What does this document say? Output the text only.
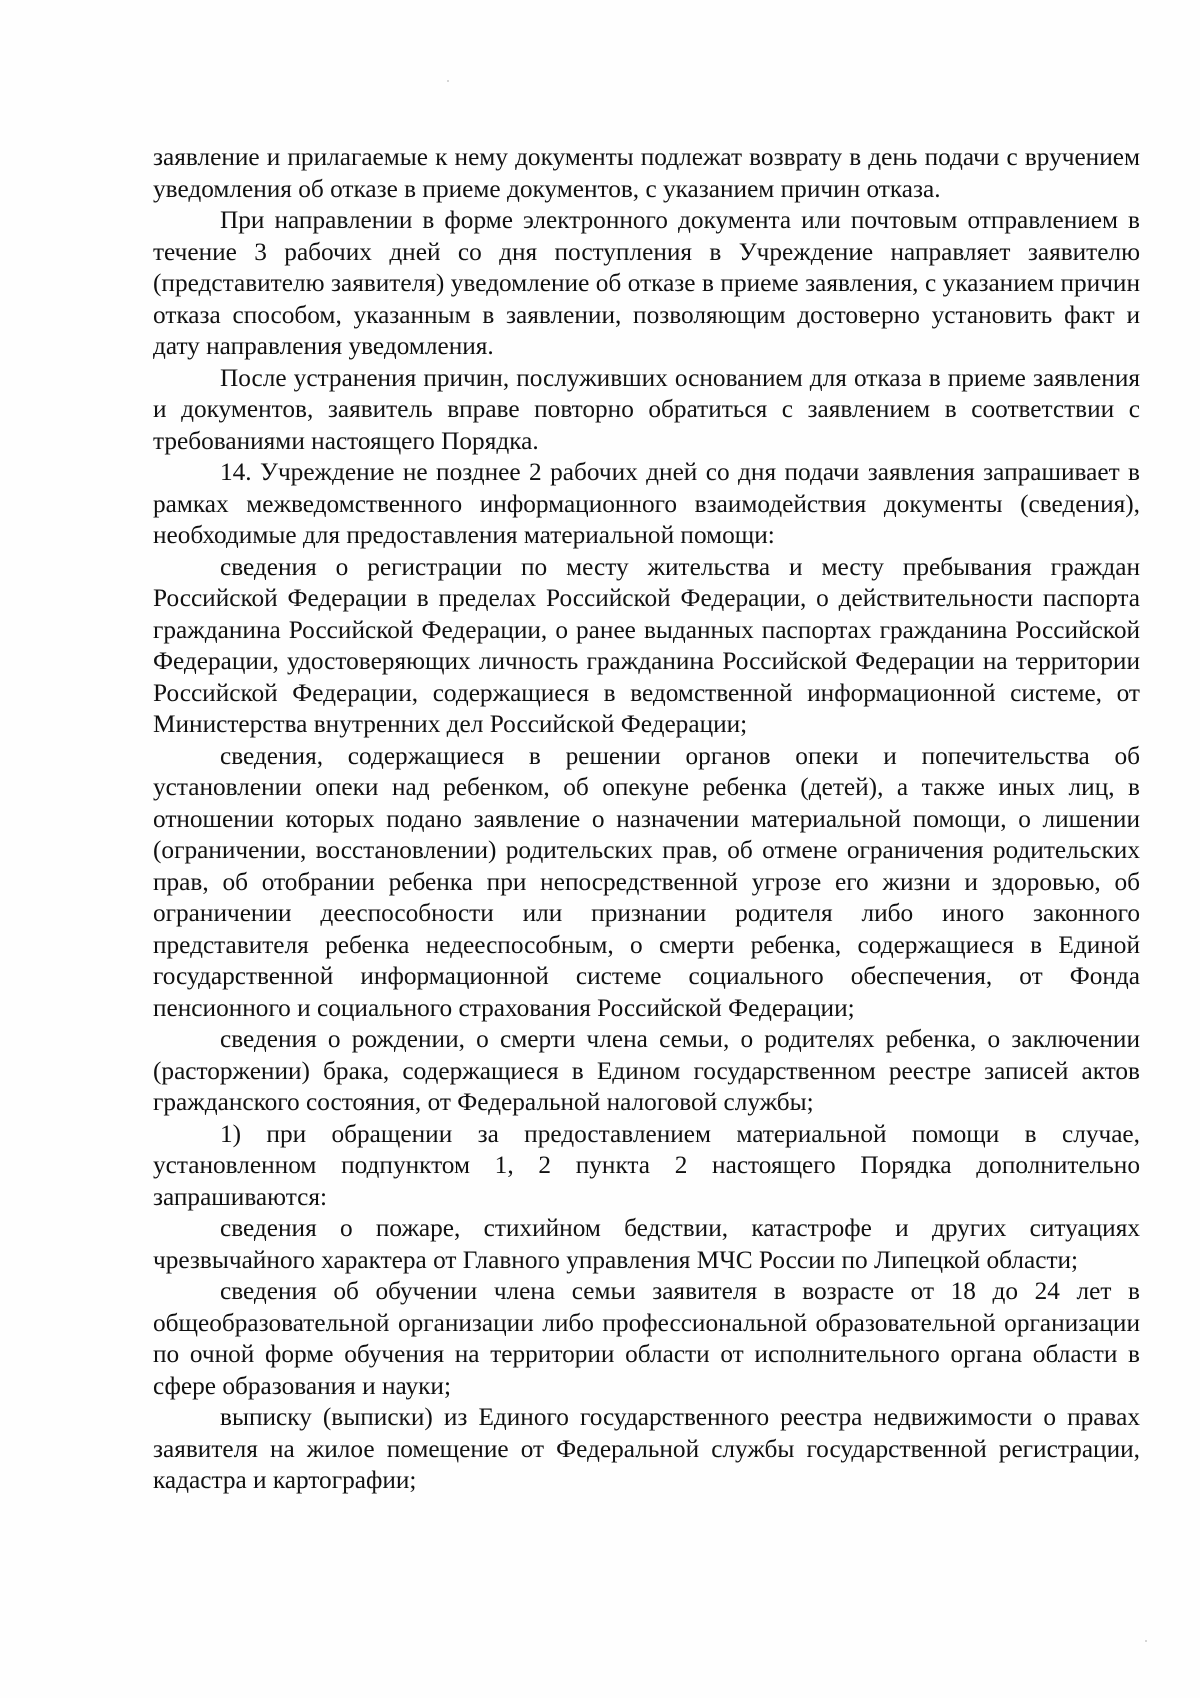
заявление и прилагаемые к нему документы подлежат возврату в день подачи с вручением уведомления об отказе в приеме документов, с указанием причин отказа.

При направлении в форме электронного документа или почтовым отправлением в течение 3 рабочих дней со дня поступления в Учреждение направляет заявителю (представителю заявителя) уведомление об отказе в приеме заявления, с указанием причин отказа способом, указанным в заявлении, позволяющим достоверно установить факт и дату направления уведомления.

После устранения причин, послуживших основанием для отказа в приеме заявления и документов, заявитель вправе повторно обратиться с заявлением в соответствии с требованиями настоящего Порядка.

14. Учреждение не позднее 2 рабочих дней со дня подачи заявления запрашивает в рамках межведомственного информационного взаимодействия документы (сведения), необходимые для предоставления материальной помощи:

сведения о регистрации по месту жительства и месту пребывания граждан Российской Федерации в пределах Российской Федерации, о действительности паспорта гражданина Российской Федерации, о ранее выданных паспортах гражданина Российской Федерации, удостоверяющих личность гражданина Российской Федерации на территории Российской Федерации, содержащиеся в ведомственной информационной системе, от Министерства внутренних дел Российской Федерации;

сведения, содержащиеся в решении органов опеки и попечительства об установлении опеки над ребенком, об опекуне ребенка (детей), а также иных лиц, в отношении которых подано заявление о назначении материальной помощи, о лишении (ограничении, восстановлении) родительских прав, об отмене ограничения родительских прав, об отобрании ребенка при непосредственной угрозе его жизни и здоровью, об ограничении дееспособности или признании родителя либо иного законного представителя ребенка недееспособным, о смерти ребенка, содержащиеся в Единой государственной информационной системе социального обеспечения, от Фонда пенсионного и социального страхования Российской Федерации;

сведения о рождении, о смерти члена семьи, о родителях ребенка, о заключении (расторжении) брака, содержащиеся в Едином государственном реестре записей актов гражданского состояния, от Федеральной налоговой службы;

1) при обращении за предоставлением материальной помощи в случае, установленном подпунктом 1, 2 пункта 2 настоящего Порядка дополнительно запрашиваются:

сведения о пожаре, стихийном бедствии, катастрофе и других ситуациях чрезвычайного характера от Главного управления МЧС России по Липецкой области;

сведения об обучении члена семьи заявителя в возрасте от 18 до 24 лет в общеобразовательной организации либо профессиональной образовательной организации по очной форме обучения на территории области от исполнительного органа области в сфере образования и науки;

выписку (выписки) из Единого государственного реестра недвижимости о правах заявителя на жилое помещение от Федеральной службы государственной регистрации, кадастра и картографии;
